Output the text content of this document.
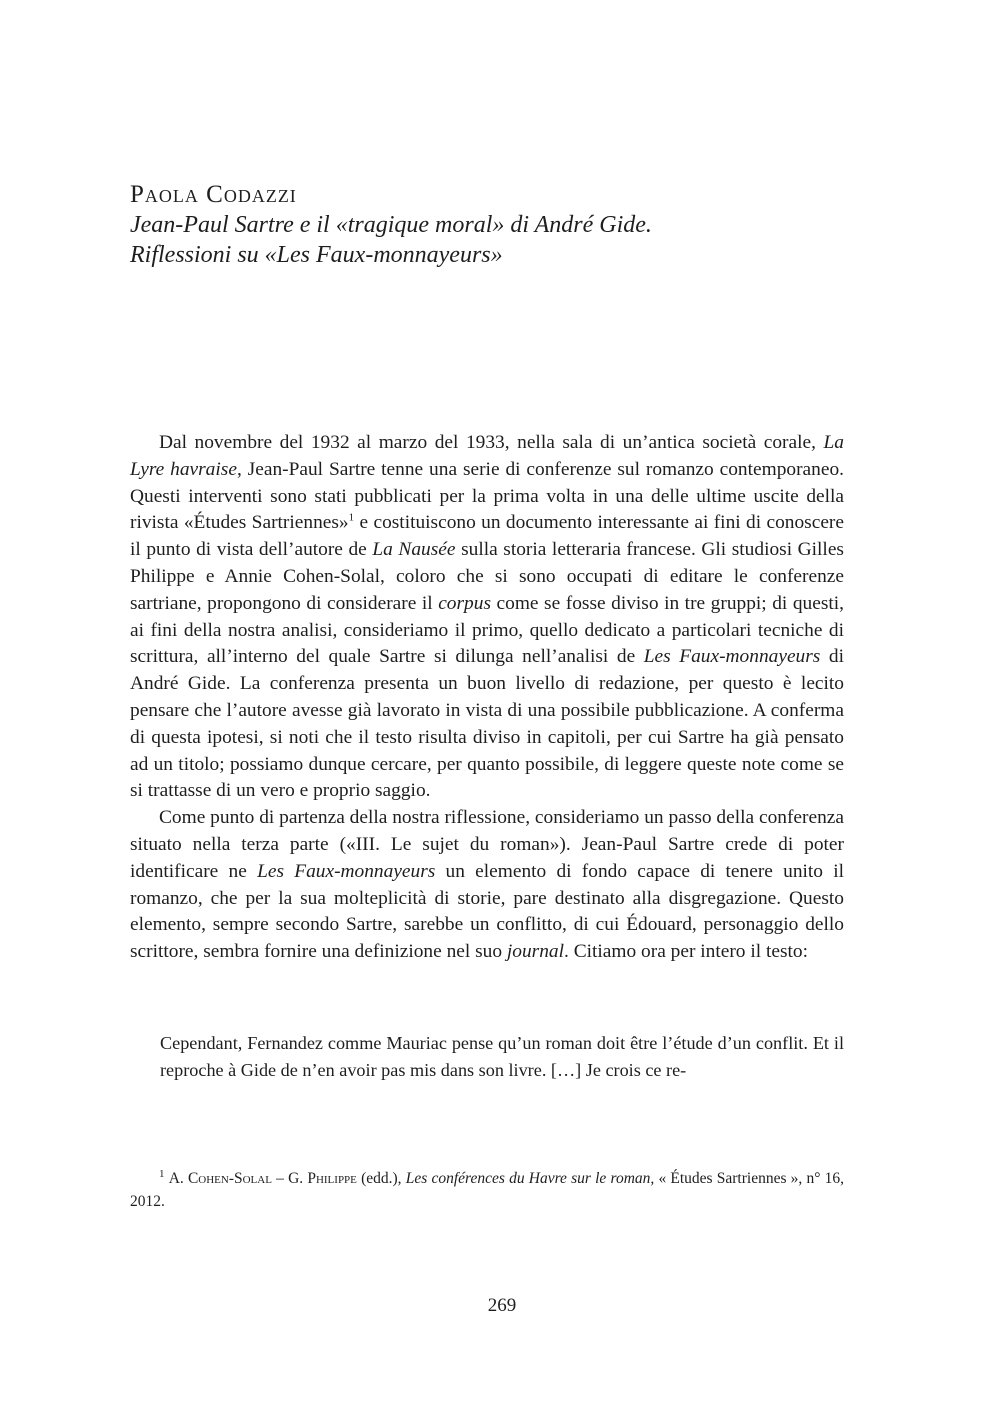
Paola Codazzi

Jean-Paul Sartre e il «tragique moral» di André Gide.

Riflessioni su «Les Faux-monnayeurs»

Dal novembre del 1932 al marzo del 1933, nella sala di un’antica società corale, La Lyre havraise, Jean-Paul Sartre tenne una serie di conferenze sul romanzo contemporaneo. Questi interventi sono stati pubblicati per la prima volta in una delle ultime uscite della rivista «Études Sartriennes»$^1$ e costituiscono un documento interessante ai fini di conoscere il punto di vista dell’autore de La Nausée sulla storia letteraria francese. Gli studiosi Gilles Philippe e Annie Cohen-Solal, coloro che si sono occupati di editare le conferenze sartriane, propongono di considerare il corpus come se fosse diviso in tre gruppi; di questi, ai fini della nostra analisi, consideriamo il primo, quello dedicato a particolari tecniche di scrittura, all’interno del quale Sartre si dilunga nell’analisi de Les Faux-monnayeurs di André Gide. La conferenza presenta un buon livello di redazione, per questo è lecito pensare che l’autore avesse già lavorato in vista di una possibile pubblicazione. A conferma di questa ipotesi, si noti che il testo risulta diviso in capitoli, per cui Sartre ha già pensato ad un titolo; possiamo dunque cercare, per quanto possibile, di leggere queste note come se si trattasse di un vero e proprio saggio.

Come punto di partenza della nostra riflessione, consideriamo un passo della conferenza situato nella terza parte («III. Le sujet du roman»). Jean-Paul Sartre crede di poter identificare ne Les Faux-monnayeurs un elemento di fondo capace di tenere unito il romanzo, che per la sua molteplicità di storie, pare destinato alla disgregazione. Questo elemento, sempre secondo Sartre, sarebbe un conflitto, di cui Édouard, personaggio dello scrittore, sembra fornire una definizione nel suo journal. Citiamo ora per intero il testo:

Cependant, Fernandez comme Mauriac pense qu’un roman doit être l’étude d’un conflit. Et il reproche à Gide de n’en avoir pas mis dans son livre. […] Je crois ce re-

$^1$ A. Cohen-Solal – G. Philippe (edd.), Les conférences du Havre sur le roman, « Études Sartriennes », n° 16, 2012.

269
